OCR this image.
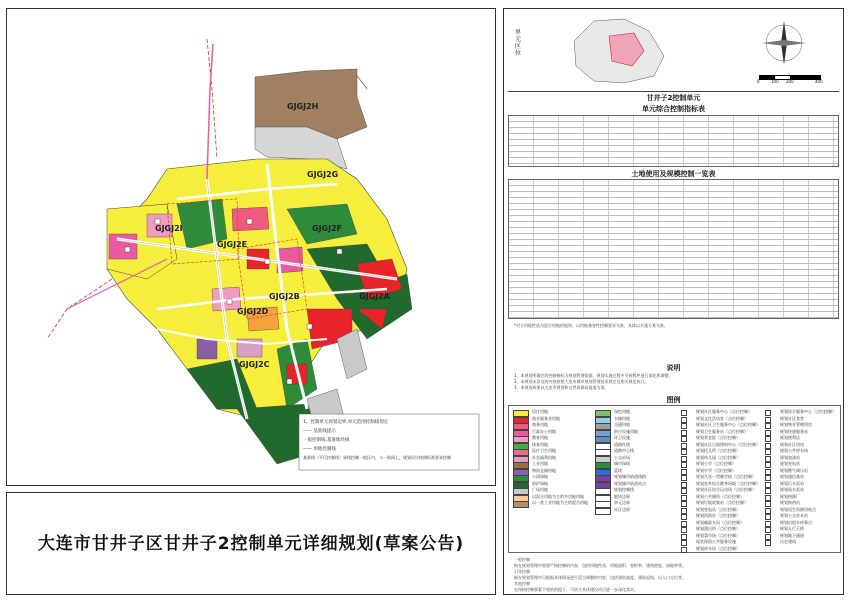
GJGJ2H
GJGJ2G
GJGJ2I
GJGJ2E
GJGJ2F
GJGJ2B
GJGJ2D
GJGJ2A
GJGJ2C
1、控制单元规划边界,单元范围控制线划定
—— 基准线提示
一般控制线,基准地块线
—— 用地控制线
基准线（平行控制线）界线控制一般区内，与一致同上，规划设计按照标准要求控制
大连市甘井子区甘井子2控制单元详细规划(草案公告)
单元区位
0	100 200	400
甘井子2控制单元
单元综合控制指标表
土地使用及规模控制一览表
*对于用地性质为混合用地的地块，以用地兼容性控制要求为准，具体以实施方案为准。
说明
1、本规划所确定的控制指标为规划管理依据，规划实施过程中可按程序进行深化和调整。
2、本规划未涉及的内容按照大连市城市规划管理技术规定及相关规范执行。
3、本规划成果以大连市规划和自然资源局批准为准。
图例
居住用地
商业服务业用地
商务用地
行政办公用地
教育用地
体育用地
医疗卫生用地
社会福利用地
工业用地
物流仓储用地
公园绿地
防护绿地
广场用地
以混合用地为主的多功能用地
以一类工业用地为主的混合用地
绿色用地
水域用地
交通用地
供应设施用地
环卫设施
道路红线
道路中心线
公交站场
城市绿线
蓝线
规划城市轨道线路
规划城市轨道站点
规划控制线
地块边界
单元边界
社区边界
规划社区服务中心（点位控制）
规划文化活动室（点位控制）
规划社区卫生服务中心（点位控制）
规划卫生服务站（点位控制）
规划养老院（点位控制）
规划社区日间照料中心（点位控制）
规划托儿所（点位控制）
规划幼儿园（点位控制）
规划小学（点位控制）
规划中学（点位控制）
规划九年一贯制学校（点位控制）
规划室外综合健身场地（点位控制）
规划社区综合运动场（点位控制）
规划公共厕所（点位控制）
规划垃圾收集站（点位控制）
规划变电站（点位控制）
规划消防站（点位控制）
规划邮政支局（点位控制）
规划派出所（点位控制）
规划菜市场（点位控制）
现状保留公共服务设施
规划停车场（点位控制）
规划综合服务中心（点位控制）
规划社区食堂
规划物业管理用房
规划快递服务站
规划便利店
规划社区用房
规划公共停车场
规划加油站
规划充电站
规划燃气调压站
规划通信基站
规划污水泵站
规划雨水泵站
规划热源厂
规划换热站
规划再生资源回收点
规划公交首末站
规划出租车停靠点
规划人行天桥
规划地下通道
历史建筑
一般控制
指在规划管理中需要严格控制的内容，包括用地性质、用地面积、容积率、建筑密度、绿地率等。
引导控制
指在规划管理中可根据具体情况进行适当调整的内容，包括建筑高度、建筑退线、出入口方位等。
其他控制
在保持控制要素不变的前提下，可结合具体建设项目进一步深化落实。
